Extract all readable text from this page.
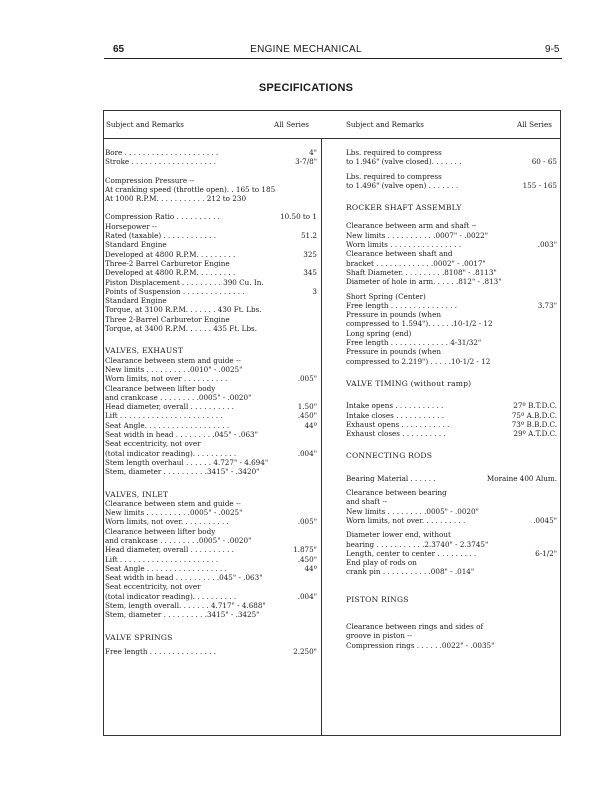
65	ENGINE MECHANICAL	9-5
SPECIFICATIONS
Subject and Remarks	All Series	Subject and Remarks	All Series
Bore . . . . . . . . . . . . . . . . . . . . .	4"
Stroke . . . . . . . . . . . . . . . . . . .	3-7/8"
Compression Pressure --
At cranking speed (throttle open). . 165 to 185
At 1000 R.P.M. . . . . . . . . . . 212 to 230
Compression Ratio . . . . . . . . . .	10.50 to 1
Horsepower --
Rated (taxable) . . . . . . . . . . . .	51.2
Standard Engine
Developed at 4800 R.P.M. . . . . . . . .	325
Three-2 Barrel Carburetor Engine
Developed at 4800 R.P.M. . . . . . . . .	345
Piston Displacement . . . . . . . . . 390 Cu. In.
Points of Suspension . . . . . . . . . . . . . .	3
Standard Engine
Torque, at 3100 R.P.M. . . . . . . 430 Ft. Lbs.
Three 2-Barrel Carburetor Engine
Torque, at 3400 R.P.M. . . . . . 435 Ft. Lbs.
VALVES, EXHAUST
Clearance between stem and guide --
New limits . . . . . . . . . .0010" - .0025"
Worn limits, not over . . . . . . . . . .	.005"
Clearance between lifter body
and crankcase . . . . . . . . .0005" - .0020"
Head diameter, overall . . . . . . . . . .	1.50"
Lift . . . . . . . . . . . . . . . . . . . . . . .	.450"
Seat Angle. . . . . . . . . . . . . . . . . . .	44º
Seat width in head . . . . . . . . .045" - .063"
Seat eccentricity, not over
(total indicator reading). . . . . . . . . .	.004"
Stem length overhaul . . . . . . 4.727" - 4.694"
Stem, diameter . . . . . . . . . .3415" - .3420"
VALVES, INLET
Clearance between stem and guide --
New limits . . . . . . . . . .0005" - .0025"
Worn limits, not over. . . . . . . . . . .	.005"
Clearance between lifter body
and crankcase . . . . . . . . .0005" - .0020"
Head diameter, overall . . . . . . . . . .	1.875"
Lift . . . . . . . . . . . . . . . . . . . . . .	.450"
Seat Angle . . . . . . . . . . . . . . . . . .	44º
Seat width in head . . . . . . . . . .045" - .063"
Seat eccentricity, not over
(total indicator reading). . . . . . . . . .	.004"
Stem, length overall. . . . . . . 4.717" - 4.688"
Stem, diameter . . . . . . . . . .3415" - .3425"
VALVE SPRINGS
Free length . . . . . . . . . . . . . . .	2.250"
Lbs. required to compress
to 1.946" (valve closed). . . . . . .	60 - 65
Lbs. required to compress
to 1.496" (valve open) . . . . . . .	155 - 165
ROCKER SHAFT ASSEMBLY
Clearance between arm and shaft --
New limits . . . . . . . . . . .0007" - .0022"
Worn limits . . . . . . . . . . . . . . . .	.003"
Clearance between shaft and
bracket . . . . . . . . . . . . .0002" - .0017"
Shaft Diameter. . . . . . . . . .8108" - .8113"
Diameter of hole in arm. . . . . .812" - .813"
Short Spring (Center)
Free length . . . . . . . . . . . . . . .	3.73"
Pressure in pounds (when
compressed to 1.594"). . . . . .10-1/2 - 12
Long spring (end)
Free length . . . . . . . . . . . . . 4-31/32"
Pressure in pounds (when
compressed to 2.219") . . . . .10-1/2 - 12
VALVE TIMING (without ramp)
Intake opens . . . . . . . . . . .	27º B.T.D.C.
Intake closes . . . . . . . . . . .	75º A.B.D.C.
Exhaust opens . . . . . . . . . . .	73º B.B.D.C.
Exhaust closes . . . . . . . . . .	29º A.T.D.C.
CONNECTING RODS
Bearing Material . . . . . .	Moraine 400 Alum.
Clearance between bearing
and shaft --
New limits . . . . . . . . .0005" - .0020"
Worn limits, not over. . . . . . . . . .	.0045"
Diameter lower end, without
bearing . . . . . . . . . . .2.3740" - 2.3745"
Length, center to center . . . . . . . . .	6-1/2"
End play of rods on
crank pin . . . . . . . . . . .008" - .014"
PISTON RINGS
Clearance between rings and sides of
groove in piston --
Compression rings . . . . . .0022" - .0035"
